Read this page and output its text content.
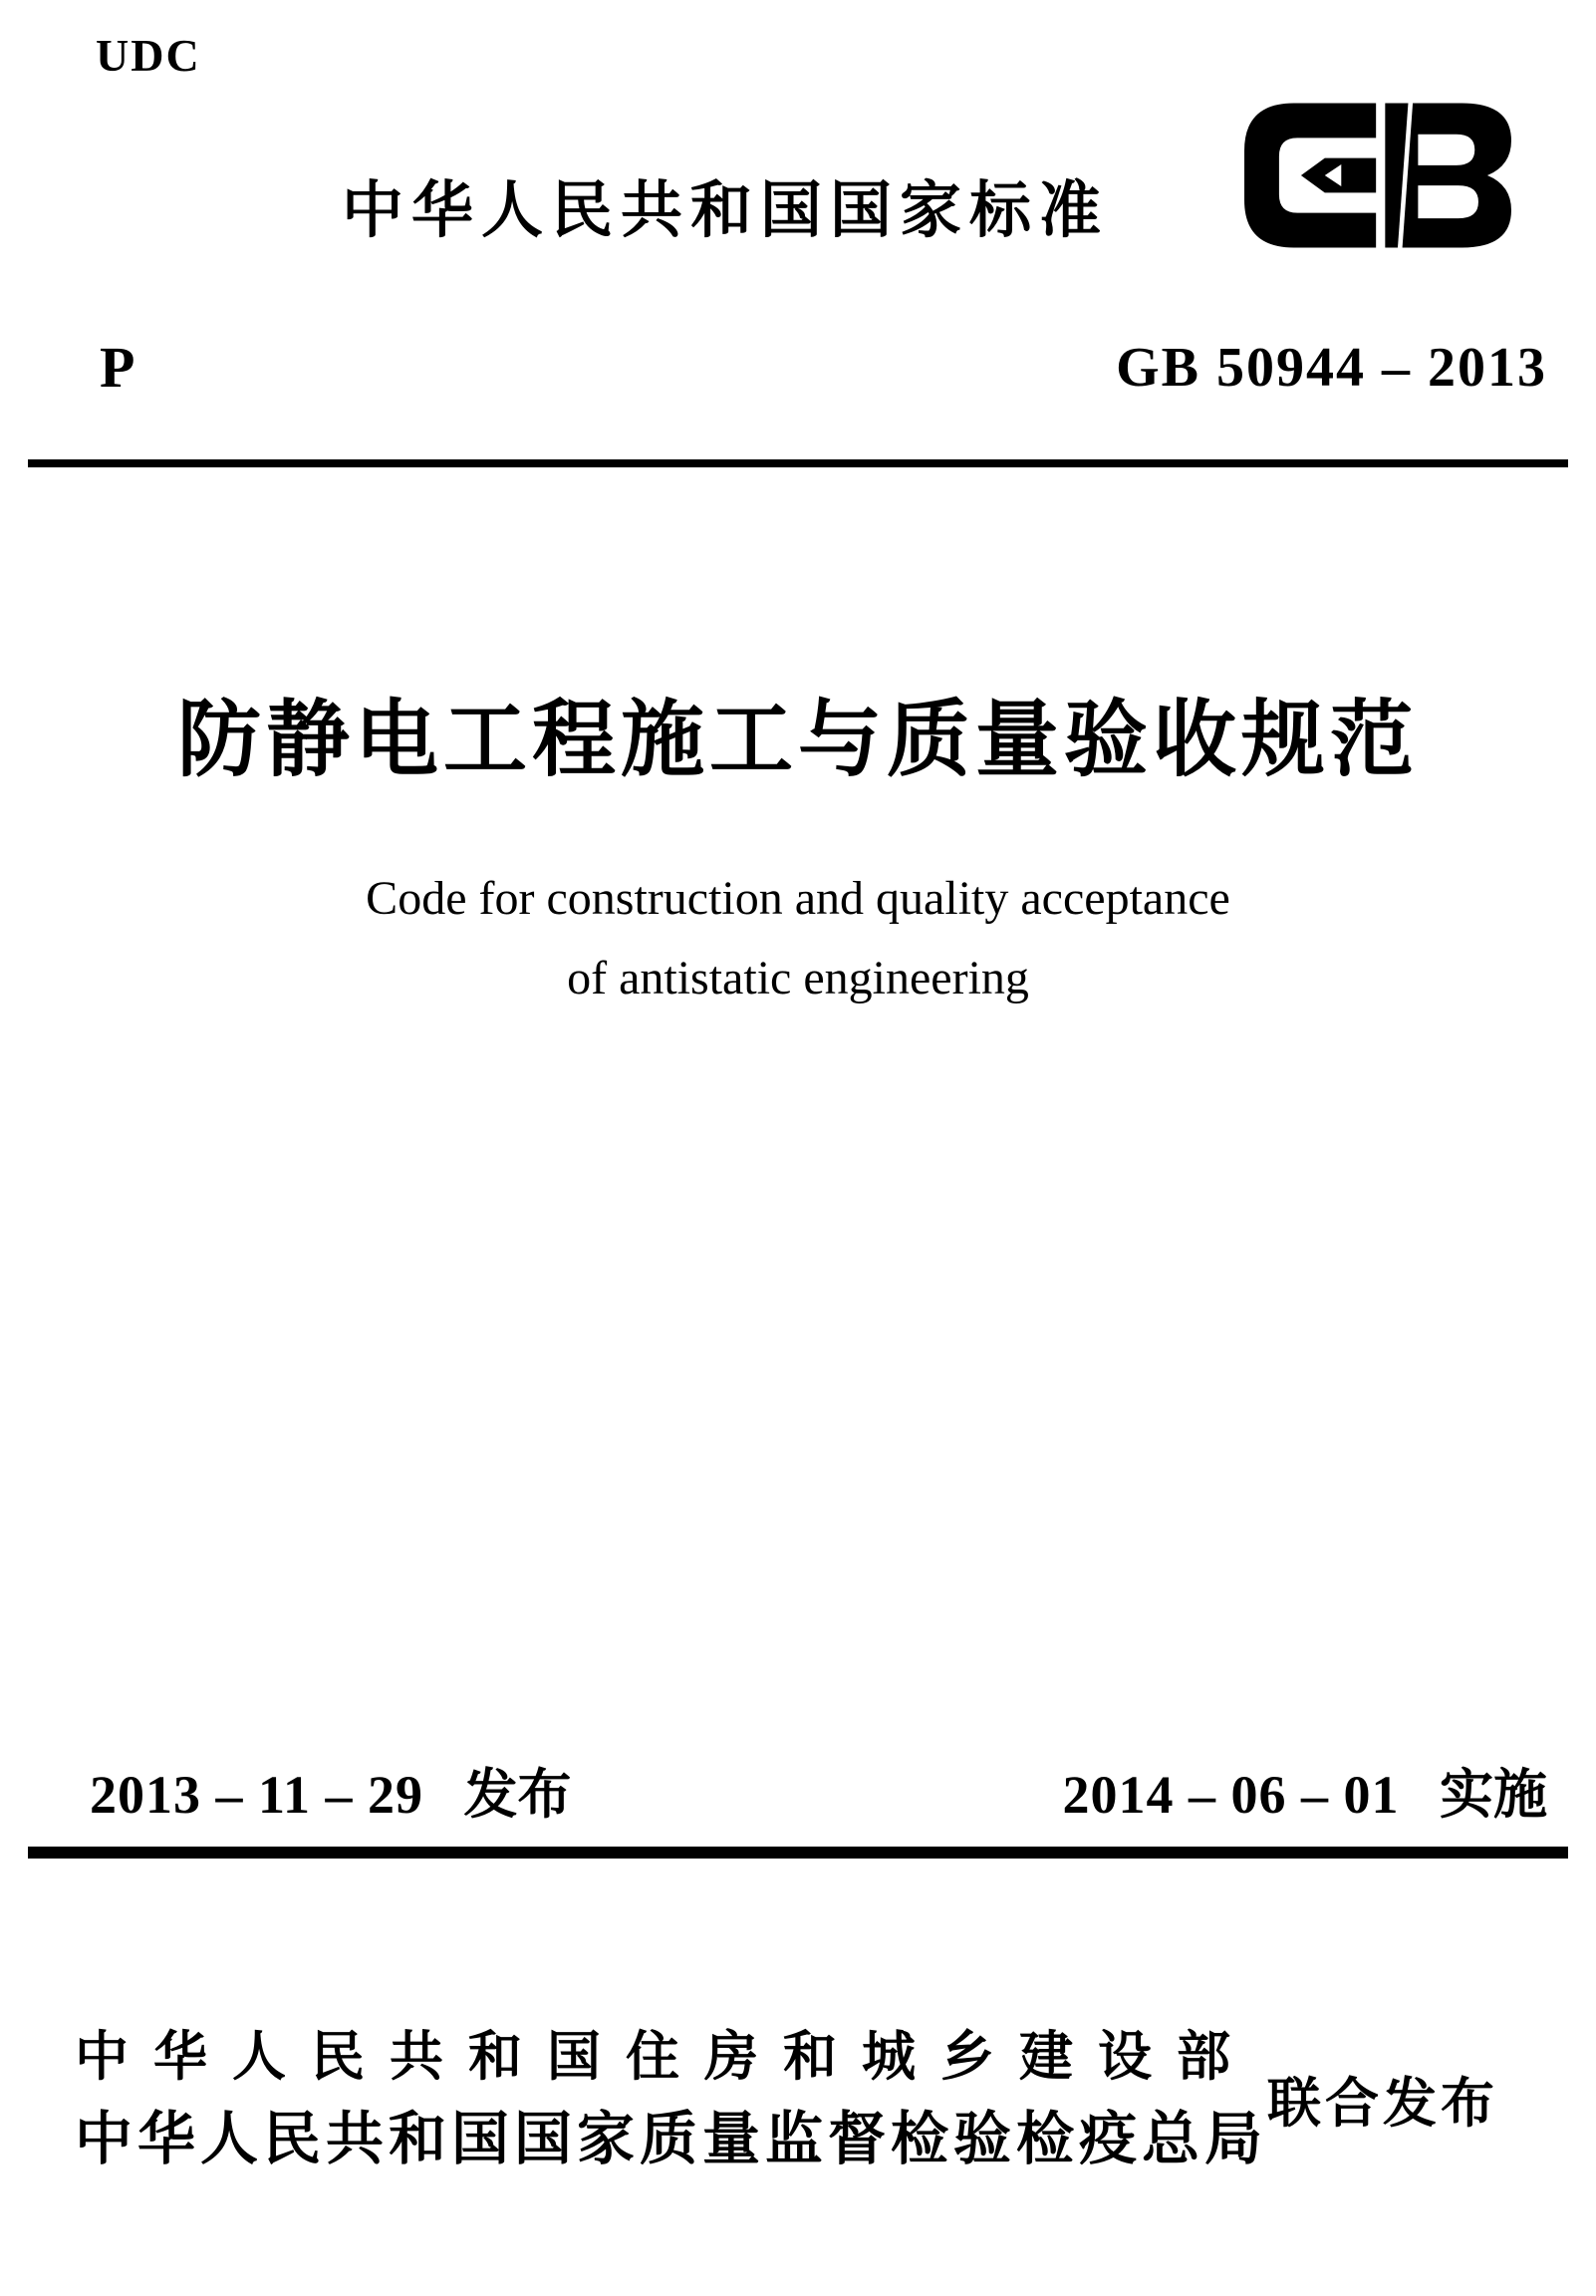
UDC
中华人民共和国国家标准
P	GB 50944 – 2013
防静电工程施工与质量验收规范
Code for construction and quality acceptance
of antistatic engineering
2013 – 11 – 29 发布	2014 – 06 – 01 实施
中华人民共和国住房和城乡建设部
中华人民共和国国家质量监督检验检疫总局
联合发布
